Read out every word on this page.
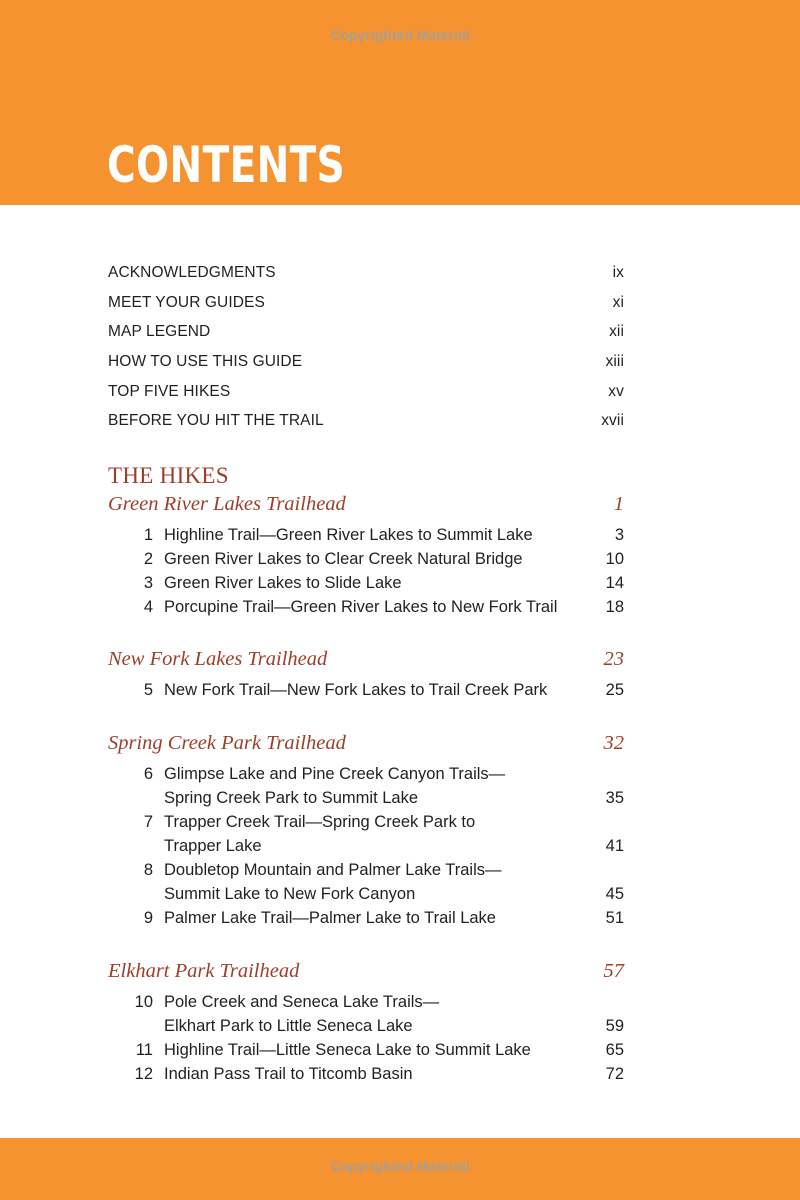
Copyrighted Material
CONTENTS
ACKNOWLEDGMENTS	ix
MEET YOUR GUIDES	xi
MAP LEGEND	xii
HOW TO USE THIS GUIDE	xiii
TOP FIVE HIKES	xv
BEFORE YOU HIT THE TRAIL	xvii
THE HIKES
Green River Lakes Trailhead	1
1 Highline Trail—Green River Lakes to Summit Lake	3
2 Green River Lakes to Clear Creek Natural Bridge	10
3 Green River Lakes to Slide Lake	14
4 Porcupine Trail—Green River Lakes to New Fork Trail	18
New Fork Lakes Trailhead	23
5 New Fork Trail—New Fork Lakes to Trail Creek Park	25
Spring Creek Park Trailhead	32
6 Glimpse Lake and Pine Creek Canyon Trails—
Spring Creek Park to Summit Lake	35
7 Trapper Creek Trail—Spring Creek Park to
Trapper Lake	41
8 Doubletop Mountain and Palmer Lake Trails—
Summit Lake to New Fork Canyon	45
9 Palmer Lake Trail—Palmer Lake to Trail Lake	51
Elkhart Park Trailhead	57
10 Pole Creek and Seneca Lake Trails—
Elkhart Park to Little Seneca Lake	59
11 Highline Trail—Little Seneca Lake to Summit Lake	65
12 Indian Pass Trail to Titcomb Basin	72
Copyrighted Material
